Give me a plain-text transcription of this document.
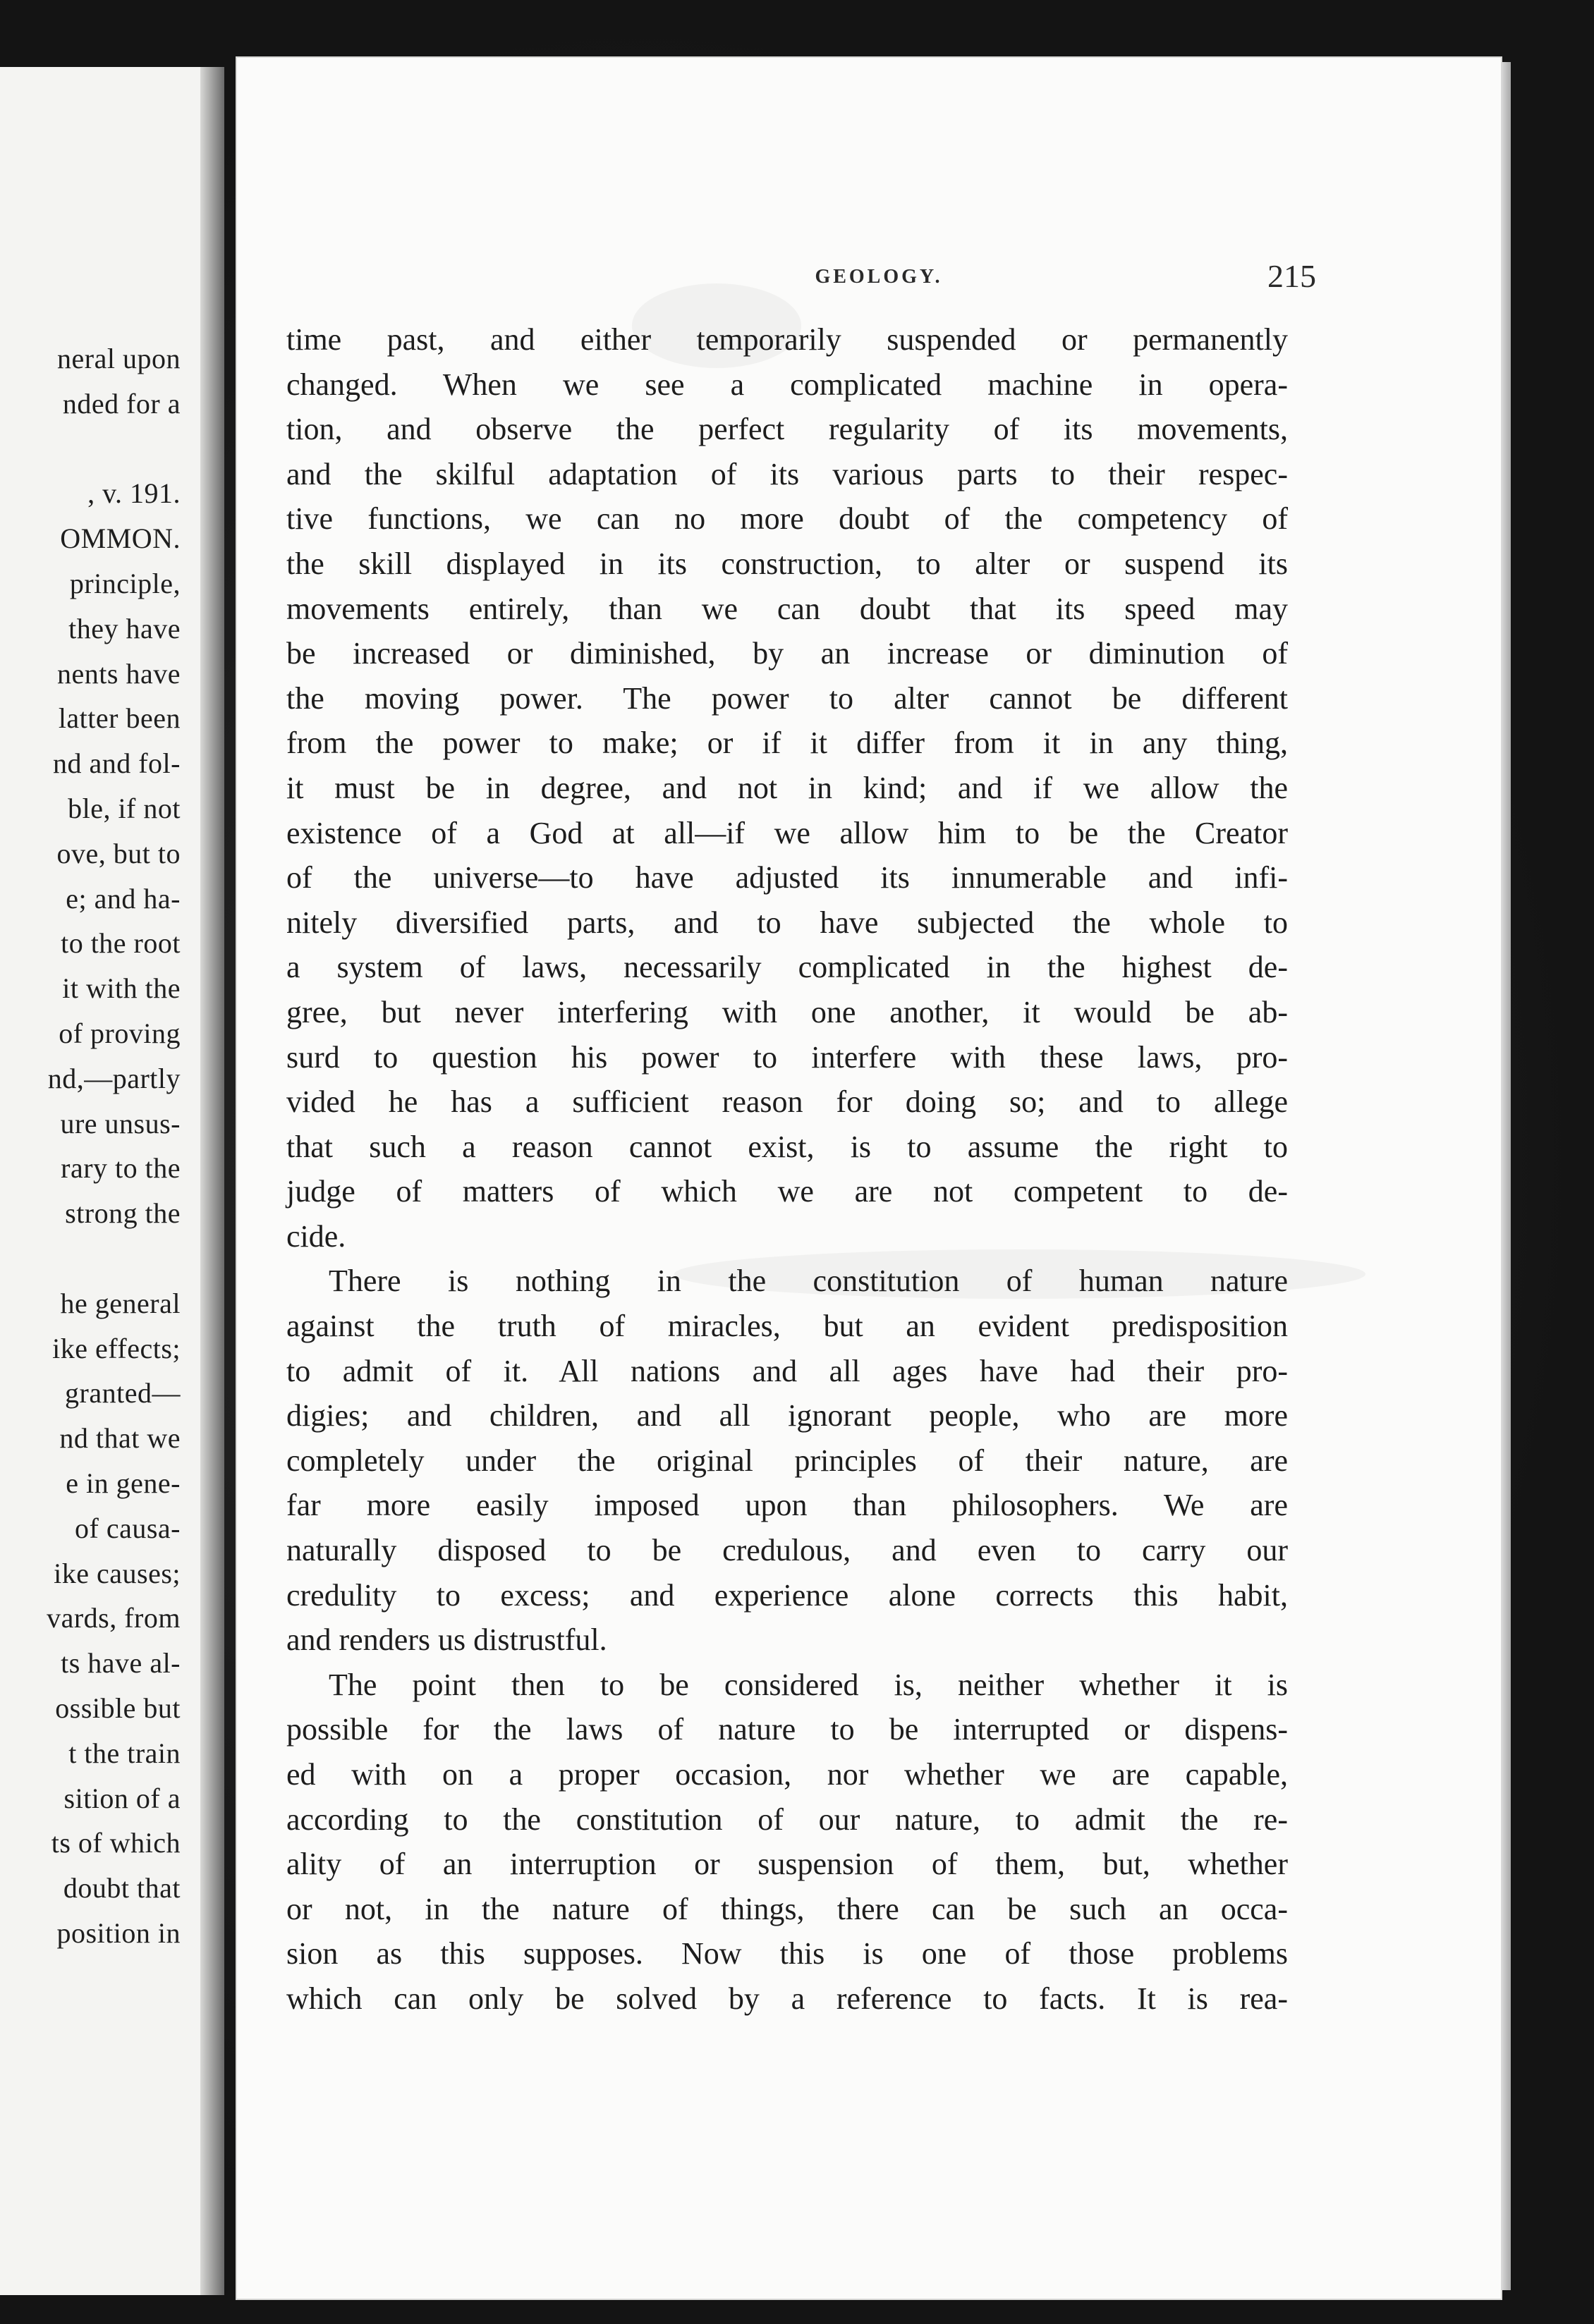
neral upon
nded for a
, v. 191.
OMMON.
principle,
they have
nents have
latter been
nd and fol-
ble, if not
ove, but to
e; and ha-
to the root
it with the
of proving
nd,—partly
ure unsus-
rary to the
strong the
he general
ike effects;
granted—
nd that we
e in gene-
of causa-
ike causes;
vards, from
ts have al-
ossible but
t the train
sition of a
ts of which
doubt that
position in
GEOLOGY.	215
time past, and either temporarily suspended or permanently
changed. When we see a complicated machine in opera-
tion, and observe the perfect regularity of its movements,
and the skilful adaptation of its various parts to their respec-
tive functions, we can no more doubt of the competency of
the skill displayed in its construction, to alter or suspend its
movements entirely, than we can doubt that its speed may
be increased or diminished, by an increase or diminution of
the moving power. The power to alter cannot be different
from the power to make; or if it differ from it in any thing,
it must be in degree, and not in kind; and if we allow the
existence of a God at all—if we allow him to be the Creator
of the universe—to have adjusted its innumerable and infi-
nitely diversified parts, and to have subjected the whole to
a system of laws, necessarily complicated in the highest de-
gree, but never interfering with one another, it would be ab-
surd to question his power to interfere with these laws, pro-
vided he has a sufficient reason for doing so; and to allege
that such a reason cannot exist, is to assume the right to
judge of matters of which we are not competent to de-
cide.
There is nothing in the constitution of human nature
against the truth of miracles, but an evident predisposition
to admit of it. All nations and all ages have had their pro-
digies; and children, and all ignorant people, who are more
completely under the original principles of their nature, are
far more easily imposed upon than philosophers. We are
naturally disposed to be credulous, and even to carry our
credulity to excess; and experience alone corrects this habit,
and renders us distrustful.
The point then to be considered is, neither whether it is
possible for the laws of nature to be interrupted or dispens-
ed with on a proper occasion, nor whether we are capable,
according to the constitution of our nature, to admit the re-
ality of an interruption or suspension of them, but, whether
or not, in the nature of things, there can be such an occa-
sion as this supposes. Now this is one of those problems
which can only be solved by a reference to facts. It is rea-
